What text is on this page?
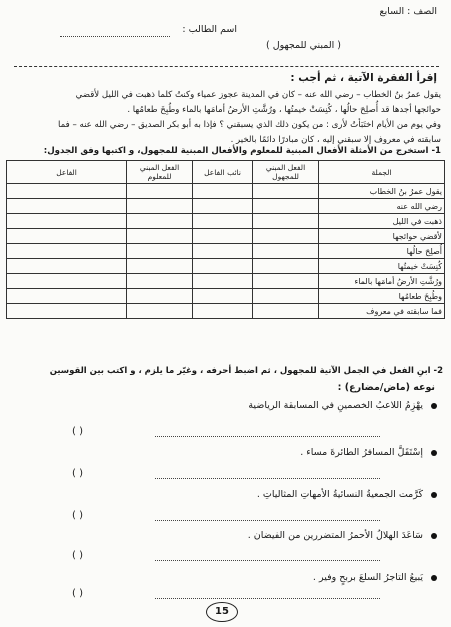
الصف : السابع
اسم الطالب :
( المبني للمجهول )
إقرأ الفقرة الآتية ، ثم أجب :
يقول عمرُ بنُ الخطاب – رضي الله عنه – كان في المدينة عجوز عمياء وكنتُ كلما ذهبت في الليل لأقضي
حوائجها أجدها قد أُصلِحَ حالُها ، كُنِسَتْ خيمتُها ، ورُشَّتِ الأرضُ أمامَها بالماء وطُبِخَ طعامُها .
وفي يوم من الأيام اختَبَأتُ لأرى : من يكون ذلك الذي يسبقني ؟ فإذا به أبو بكر الصديق – رضي الله عنه – فما
سابقته في معروف إلا سبقني إليه ، كان مبادرًا دائمًا بالخير .
1- استخرج من الأمثلة الأفعال المبنية للمعلوم والأفعال المبنية للمجهول، و اكتبها وفق الجدول:
الجملة	الفعل المبني للمجهول	نائب الفاعل	الفعل المبني للمعلوم	الفاعل
يقول عمرُ بنُ الخطاب				
رضي الله عنه				
ذهبت في الليل				
لأقضي حوائجها				
أُصلِحَ حالُها				
كُنِسَتْ خيمتُها				
ورُشَّتِ الأرضُ أمامَها بالماء				
وطُبِخَ طعامُها				
فما سابقته في معروف				
2- ابنِ الفعل في الجمل الآتية للمجهول ، ثم اضبط أحرفه ، وغيّر ما يلزم ، و اكتب بين القوسين
نوعه (ماض/مضارع) :
يهْزِمُ اللاعبُ الخصمينِ في المسابقة الرياضية
( )
إسْتَقَلَّ المسافرُ الطائرةَ مساء .
( )
كَرَّمت الجمعيةُ النسائيةُ الأمهاتِ المثالياتِ .
( )
سَاعَدَ الهلالُ الأحمرُ المتضررين من الفيضان .
( )
يَبيعُ التاجرُ السلعَ بربحٍ وفير .
( )
15
